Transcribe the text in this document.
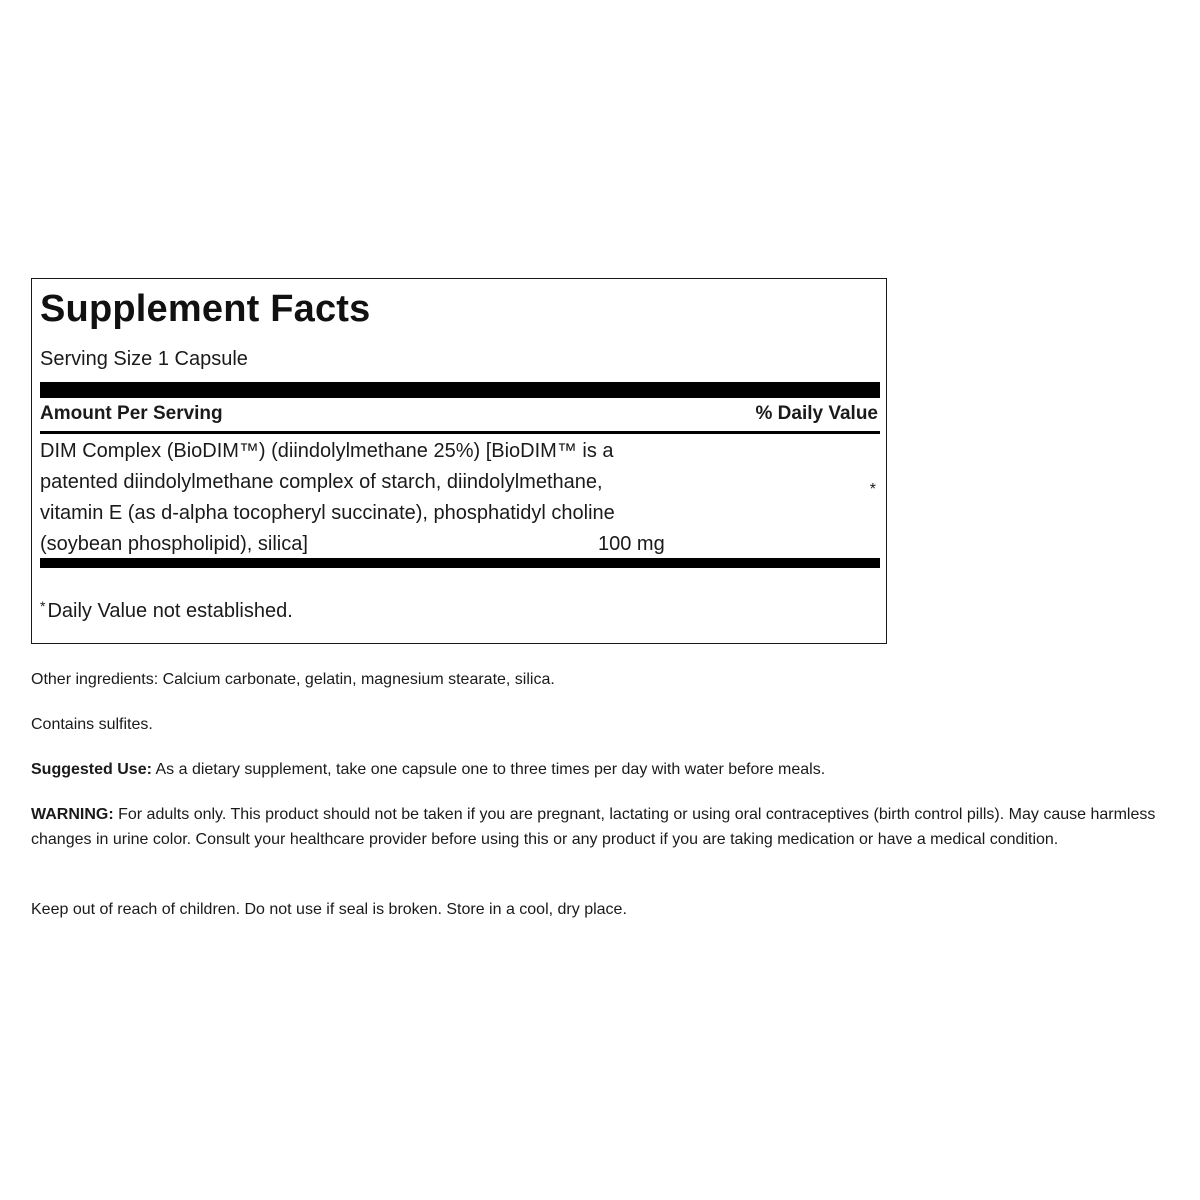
Supplement Facts
Serving Size 1 Capsule
Amount Per Serving	% Daily Value
DIM Complex (BioDIM™) (diindolylmethane 25%) [BioDIM™ is a
patented diindolylmethane complex of starch, diindolylmethane,
vitamin E (as d-alpha tocopheryl succinate), phosphatidyl choline
(soybean phospholipid), silica]	100 mg
*
* Daily Value not established.
Other ingredients: Calcium carbonate, gelatin, magnesium stearate, silica.
Contains sulfites.
Suggested Use: As a dietary supplement, take one capsule one to three times per day with water before meals.
WARNING: For adults only. This product should not be taken if you are pregnant, lactating or using oral contraceptives (birth control pills). May cause harmless changes in urine color. Consult your healthcare provider before using this or any product if you are taking medication or have a medical condition.
Keep out of reach of children. Do not use if seal is broken. Store in a cool, dry place.
